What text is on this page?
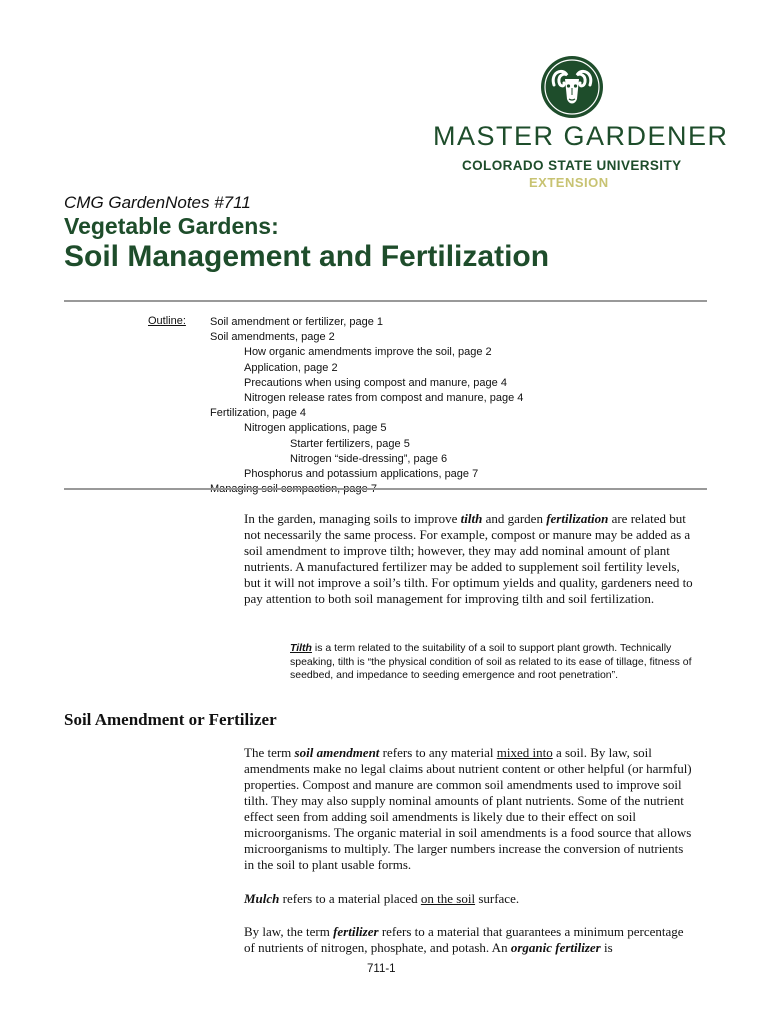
MASTER GARDENER
COLORADO STATE UNIVERSITY
EXTENSION
CMG GardenNotes #711
Vegetable Gardens:
Soil Management and Fertilization
Outline: Soil amendment or fertilizer, page 1
Soil amendments, page 2
How organic amendments improve the soil, page 2
Application, page 2
Precautions when using compost and manure, page 4
Nitrogen release rates from compost and manure, page 4
Fertilization, page 4
Nitrogen applications, page 5
Starter fertilizers, page 5
Nitrogen “side-dressing”, page 6
Phosphorus and potassium applications, page 7

In the garden, managing soils to improve tilth and garden fertilization are related but not necessarily the same process. For example, compost or manure may be added as a soil amendment to improve tilth; however, they may add nominal amount of plant nutrients. A manufactured fertilizer may be added to supplement soil fertility levels, but it will not improve a soil’s tilth. For optimum yields and quality, gardeners need to pay attention to both soil management for improving tilth and soil fertilization.

Tilth is a term related to the suitability of a soil to support plant growth. Technically speaking, tilth is “the physical condition of soil as related to its ease of tillage, fitness of seedbed, and impedance to seeding emergence and root penetration”.

Soil Amendment or Fertilizer

The term soil amendment refers to any material mixed into a soil. By law, soil amendments make no legal claims about nutrient content or other helpful (or harmful) properties. Compost and manure are common soil amendments used to improve soil tilth. They may also supply nominal amounts of plant nutrients. Some of the nutrient effect seen from adding soil amendments is likely due to their effect on soil microorganisms. The organic material in soil amendments is a food source that allows microorganisms to multiply. The larger numbers increase the conversion of nutrients in the soil to plant usable forms.

Mulch refers to a material placed on the soil surface.

By law, the term fertilizer refers to a material that guarantees a minimum percentage of nutrients of nitrogen, phosphate, and potash. An organic fertilizer is

711-1
